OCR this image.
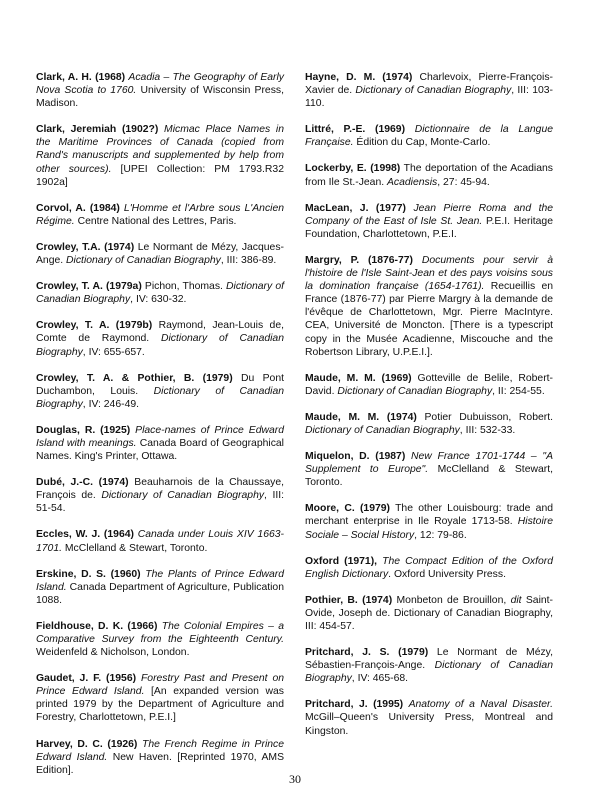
Clark, A. H. (1968) Acadia – The Geography of Early Nova Scotia to 1760. University of Wisconsin Press, Madison.

Clark, Jeremiah (1902?) Micmac Place Names in the Maritime Provinces of Canada (copied from Rand's manuscripts and supplemented by help from other sources). [UPEI Collection: PM 1793.R32 1902a]

Corvol, A. (1984) L'Homme et l'Arbre sous L'Ancien Régime. Centre National des Lettres, Paris.

Crowley, T.A. (1974) Le Normant de Mézy, Jacques-Ange. Dictionary of Canadian Biography, III: 386-89.

Crowley, T. A. (1979a) Pichon, Thomas. Dictionary of Canadian Biography, IV: 630-32.

Crowley, T. A. (1979b) Raymond, Jean-Louis de, Comte de Raymond. Dictionary of Canadian Biography, IV: 655-657.

Crowley, T. A. & Pothier, B. (1979) Du Pont Duchambon, Louis. Dictionary of Canadian Biography, IV: 246-49.

Douglas, R. (1925) Place-names of Prince Edward Island with meanings. Canada Board of Geographical Names. King's Printer, Ottawa.

Dubé, J.-C. (1974) Beauharnois de la Chaussaye, François de. Dictionary of Canadian Biography, III: 51-54.

Eccles, W. J. (1964) Canada under Louis XIV 1663-1701. McClelland & Stewart, Toronto.

Erskine, D. S. (1960) The Plants of Prince Edward Island. Canada Department of Agriculture, Publication 1088.

Fieldhouse, D. K. (1966) The Colonial Empires – a Comparative Survey from the Eighteenth Century. Weidenfeld & Nicholson, London.

Gaudet, J. F. (1956) Forestry Past and Present on Prince Edward Island. [An expanded version was printed 1979 by the Department of Agriculture and Forestry, Charlottetown, P.E.I.]

Harvey, D. C. (1926) The French Regime in Prince Edward Island. New Haven. [Reprinted 1970, AMS Edition].

Hayne, D. M. (1974) Charlevoix, Pierre-François-Xavier de. Dictionary of Canadian Biography, III: 103-110.

Littré, P.-E. (1969) Dictionnaire de la Langue Française. Édition du Cap, Monte-Carlo.

Lockerby, E. (1998) The deportation of the Acadians from Ile St.-Jean. Acadiensis, 27: 45-94.

MacLean, J. (1977) Jean Pierre Roma and the Company of the East of Isle St. Jean. P.E.I. Heritage Foundation, Charlottetown, P.E.I.

Margry, P. (1876-77) Documents pour servir à l'histoire de l'Isle Saint-Jean et des pays voisins sous la domination française (1654-1761). Recueillis en France (1876-77) par Pierre Margry à la demande de l'évêque de Charlottetown, Mgr. Pierre MacIntyre. CEA, Université de Moncton. [There is a typescript copy in the Musée Acadienne, Miscouche and the Robertson Library, U.P.E.I.].

Maude, M. M. (1969) Gotteville de Belile, Robert-David. Dictionary of Canadian Biography, II: 254-55.

Maude, M. M. (1974) Potier Dubuisson, Robert. Dictionary of Canadian Biography, III: 532-33.

Miquelon, D. (1987) New France 1701-1744 – "A Supplement to Europe". McClelland & Stewart, Toronto.

Moore, C. (1979) The other Louisbourg: trade and merchant enterprise in Ile Royale 1713-58. Histoire Sociale – Social History, 12: 79-86.

Oxford (1971), The Compact Edition of the Oxford English Dictionary. Oxford University Press.

Pothier, B. (1974) Monbeton de Brouillon, dit Saint-Ovide, Joseph de. Dictionary of Canadian Biography, III: 454-57.

Pritchard, J. S. (1979) Le Normant de Mézy, Sébastien-François-Ange. Dictionary of Canadian Biography, IV: 465-68.

Pritchard, J. (1995) Anatomy of a Naval Disaster. McGill–Queen's University Press, Montreal and Kingston.

30
